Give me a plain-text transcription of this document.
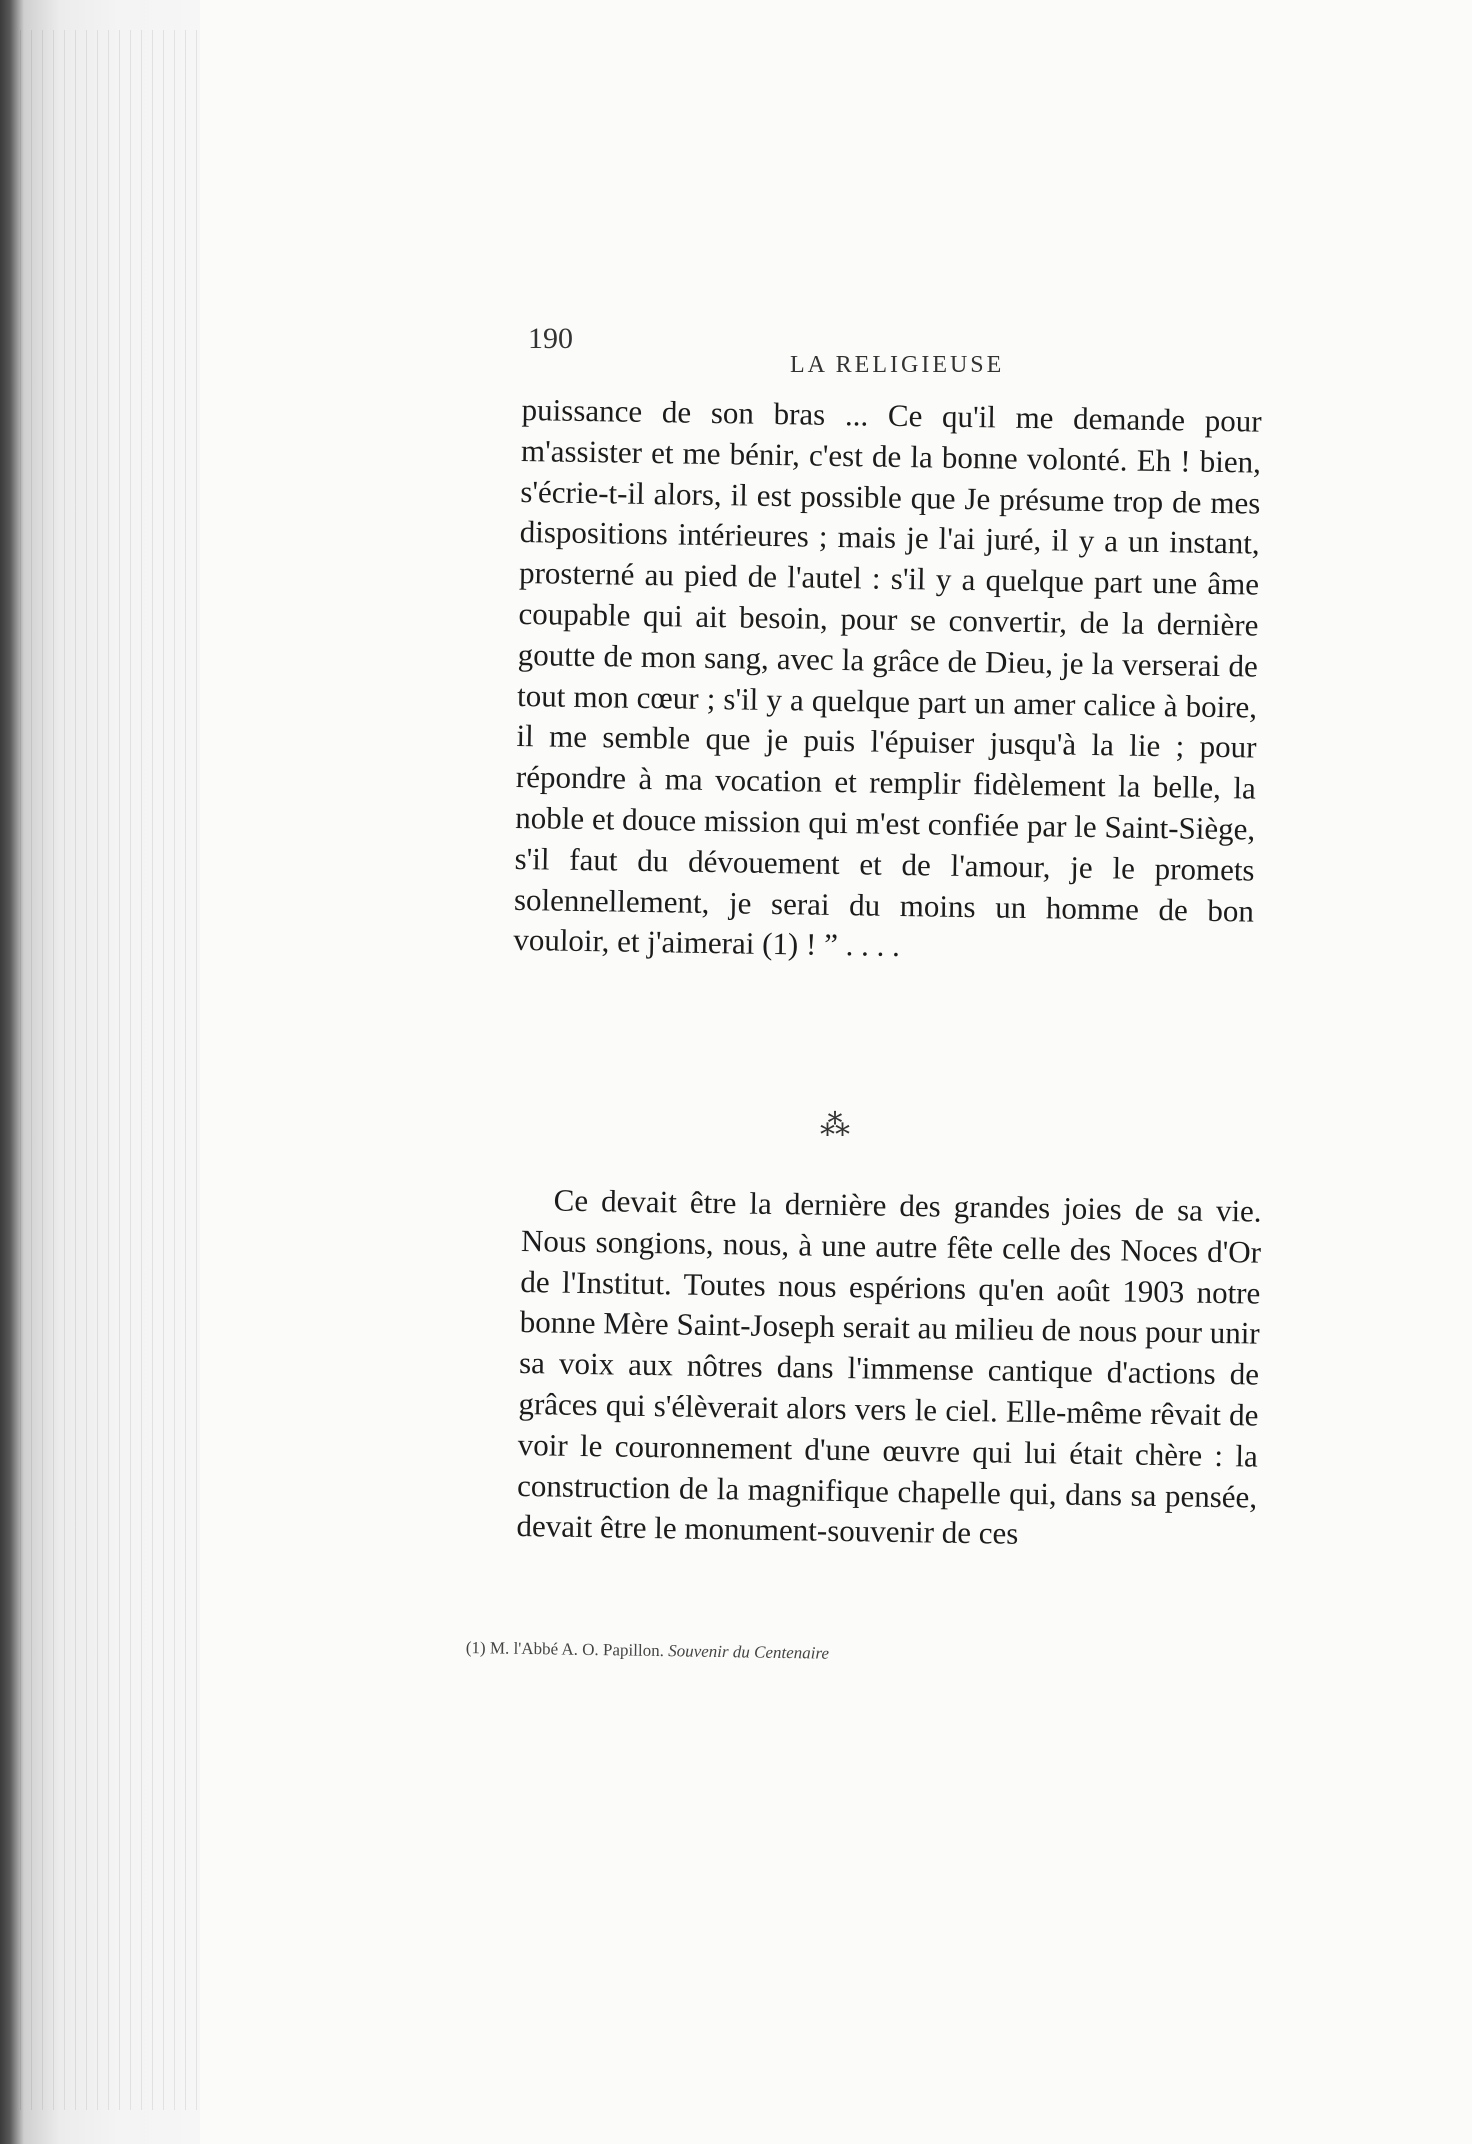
190
LA RELIGIEUSE

puissance de son bras ... Ce qu'il me demande pour m'assister et me bénir, c'est de la bonne volonté. Eh ! bien, s'écrie-t-il alors, il est possible que Je présume trop de mes dispositions intérieures ; mais je l'ai juré, il y a un instant, prosterné au pied de l'autel : s'il y a quelque part une âme coupable qui ait besoin, pour se convertir, de la dernière goutte de mon sang, avec la grâce de Dieu, je la verserai de tout mon cœur ; s'il y a quelque part un amer calice à boire, il me semble que je puis l'épuiser jusqu'à la lie ; pour répondre à ma vocation et remplir fidèlement la belle, la noble et douce mission qui m'est confiée par le Saint-Siège, s'il faut du dévouement et de l'amour, je le promets solennellement, je serai du moins un homme de bon vouloir, et j'aimerai (1) ! ” . . . .

⁂

Ce devait être la dernière des grandes joies de sa vie. Nous songions, nous, à une autre fête celle des Noces d'Or de l'Institut. Toutes nous espérions qu'en août 1903 notre bonne Mère Saint-Joseph serait au milieu de nous pour unir sa voix aux nôtres dans l'immense cantique d'actions de grâces qui s'élèverait alors vers le ciel. Elle-même rêvait de voir le couronnement d'une œuvre qui lui était chère : la construction de la magnifique chapelle qui, dans sa pensée, devait être le monument-souvenir de ces

(1) M. l'Abbé A. O. Papillon. Souvenir du Centenaire
